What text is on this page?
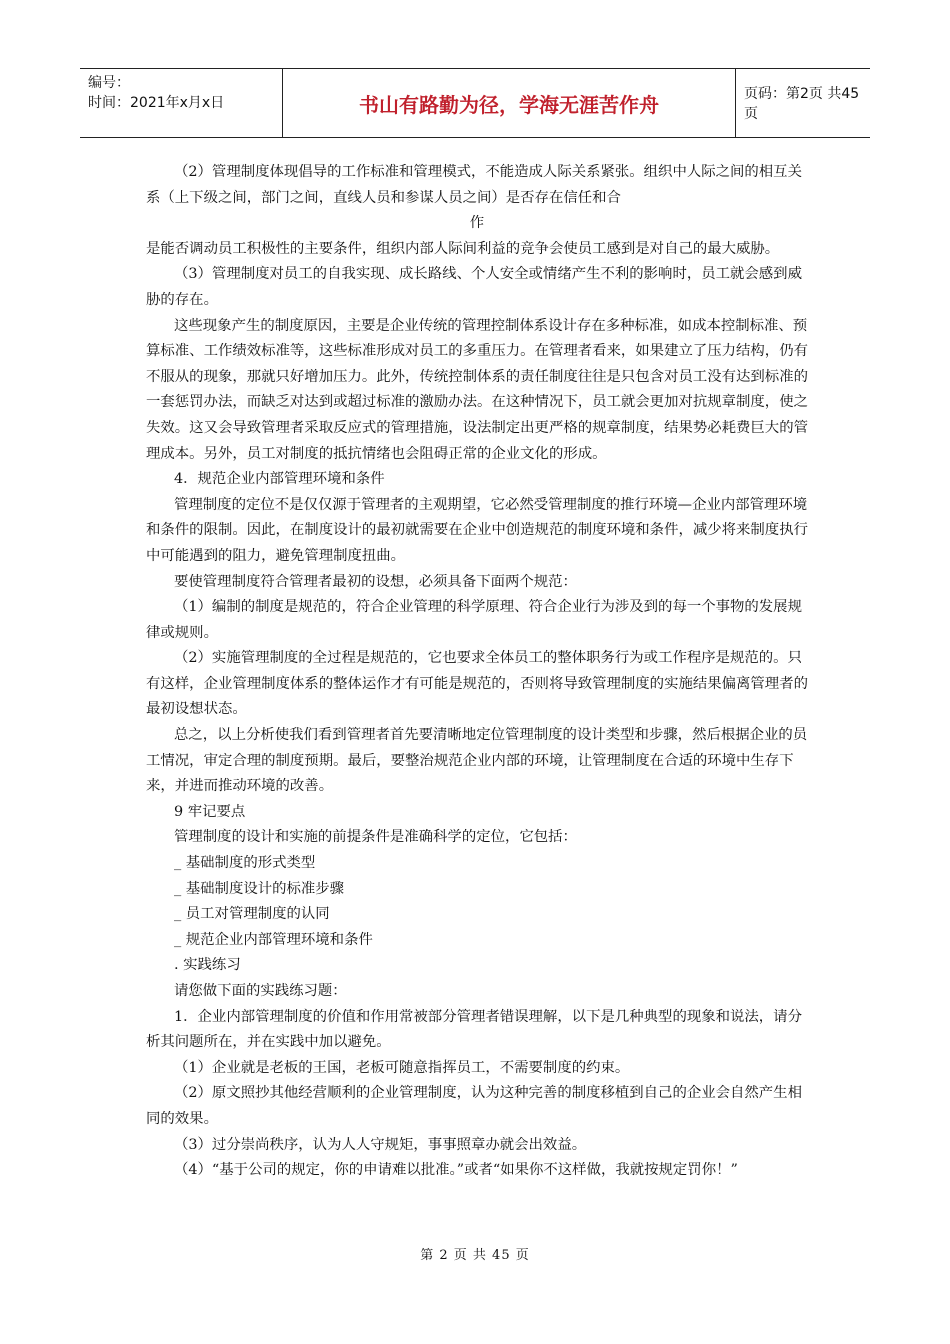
编号：
时间：2021年x月x日	书山有路勤为径，学海无涯苦作舟	页码：第2页 共45页

（2）管理制度体现倡导的工作标准和管理模式，不能造成人际关系紧张。组织中人际之间的相互关系（上下级之间，部门之间，直线人员和参谋人员之间）是否存在信任和合

作

是能否调动员工积极性的主要条件，组织内部人际间利益的竞争会使员工感到是对自己的最大威胁。

（3）管理制度对员工的自我实现、成长路线、个人安全或情绪产生不利的影响时，员工就会感到威胁的存在。

这些现象产生的制度原因，主要是企业传统的管理控制体系设计存在多种标准，如成本控制标准、预算标准、工作绩效标准等，这些标准形成对员工的多重压力。在管理者看来，如果建立了压力结构，仍有不服从的现象，那就只好增加压力。此外，传统控制体系的责任制度往往是只包含对员工没有达到标准的一套惩罚办法，而缺乏对达到或超过标准的激励办法。在这种情况下，员工就会更加对抗规章制度，使之失效。这又会导致管理者采取反应式的管理措施，设法制定出更严格的规章制度，结果势必耗费巨大的管理成本。另外，员工对制度的抵抗情绪也会阻碍正常的企业文化的形成。

4．规范企业内部管理环境和条件

管理制度的定位不是仅仅源于管理者的主观期望，它必然受管理制度的推行环境—企业内部管理环境和条件的限制。因此，在制度设计的最初就需要在企业中创造规范的制度环境和条件，减少将来制度执行中可能遇到的阻力，避免管理制度扭曲。

要使管理制度符合管理者最初的设想，必须具备下面两个规范：

（1）编制的制度是规范的，符合企业管理的科学原理、符合企业行为涉及到的每一个事物的发展规律或规则。

（2）实施管理制度的全过程是规范的，它也要求全体员工的整体职务行为或工作程序是规范的。只有这样，企业管理制度体系的整体运作才有可能是规范的，否则将导致管理制度的实施结果偏离管理者的最初设想状态。

总之，以上分析使我们看到管理者首先要清晰地定位管理制度的设计类型和步骤，然后根据企业的员工情况，审定合理的制度预期。最后，要整治规范企业内部的环境，让管理制度在合适的环境中生存下来，并进而推动环境的改善。

9 牢记要点

管理制度的设计和实施的前提条件是准确科学的定位，它包括：

_ 基础制度的形式类型

_ 基础制度设计的标准步骤

_ 员工对管理制度的认同

_ 规范企业内部管理环境和条件

. 实践练习

请您做下面的实践练习题：

1．企业内部管理制度的价值和作用常被部分管理者错误理解，以下是几种典型的现象和说法，请分析其问题所在，并在实践中加以避免。

（1）企业就是老板的王国，老板可随意指挥员工，不需要制度的约束。

（2）原文照抄其他经营顺利的企业管理制度，认为这种完善的制度移植到自己的企业会自然产生相同的效果。

（3）过分崇尚秩序，认为人人守规矩，事事照章办就会出效益。

（4）“基于公司的规定，你的申请难以批准。”或者“如果你不这样做，我就按规定罚你！”

第 2 页 共 45 页
